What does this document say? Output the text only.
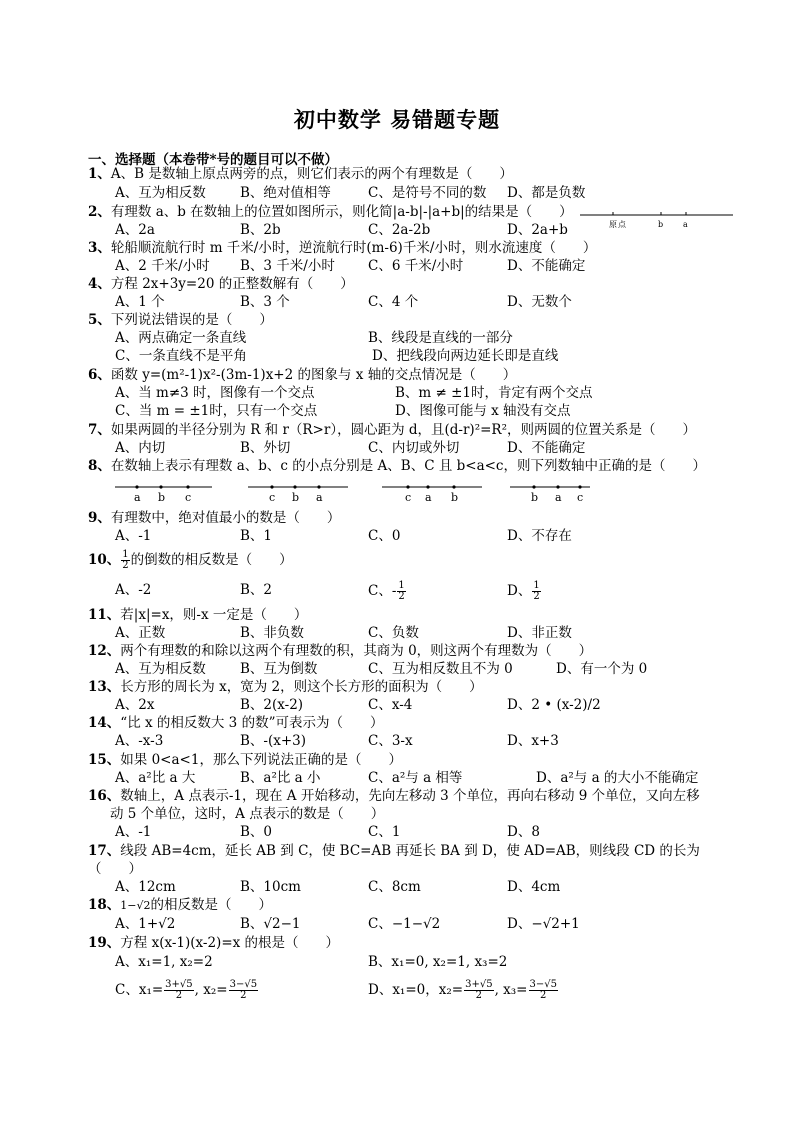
初中数学 易错题专题
一、选择题（本卷带*号的题目可以不做）
1、A、B 是数轴上原点两旁的点，则它们表示的两个有理数是（　　）
A、互为相反数	B、绝对值相等	C、是符号不同的数 D、都是负数
2、有理数 a、b 在数轴上的位置如图所示，则化简|a-b|-|a+b|的结果是（　　）
原 点	b a
A、2a	B、2b	C、2a-2b	D、2a+b
3、轮船顺流航行时 m 千米/小时，逆流航行时(m-6)千米/小时，则水流速度（　　）
A、2 千米/小时 B、3 千米/小时 C、6 千米/小时	D、不能确定
4、方程 2x+3y=20 的正整数解有（　　）
A、1 个	B、3 个	C、4 个	D、无数个
5、下列说法错误的是（　　）
A、两点确定一条直线	B、线段是直线的一部分
C、一条直线不是平角	D、把线段向两边延长即是直线
6、函数 y=(m²-1)x²-(3m-1)x+2 的图象与 x 轴的交点情况是（　　）
A、当 m≠3 时，图像有一个交点	B、m ≠ ±1时，肯定有两个交点
C、当 m = ±1时，只有一个交点	D、图像可能与 x 轴没有交点
7、如果两圆的半径分别为 R 和 r（R>r），圆心距为 d，且(d-r)²=R²，则两圆的位置关系是（　　）
A、内切	B、外切	C、内切或外切	D、不能确定
8、在数轴上表示有理数 a、b、c 的小点分别是 A、B、C 且 b<a<c，则下列数轴中正确的是（　　）
a b c	c b a	c a b	b a c
9、有理数中，绝对值最小的数是（　　）
A、-1	B、1	C、0	D、不存在
10、 $\frac{1}{2}$ 的倒数的相反数是（　　）
A、-2	B、2	C、- $\frac{1}{2}$	D、 $\frac{1}{2}$
11、若|x|=x，则-x 一定是（　　）
A、正数	B、非负数	C、负数	D、非正数
12、两个有理数的和除以这两个有理数的积，其商为 0，则这两个有理数为（　　）
A、互为相反数	B、互为倒数	C、互为相反数且不为 0	D、有一个为 0
13、长方形的周长为 x，宽为 2，则这个长方形的面积为（　　）
A、2x	B、2(x-2)	C、x-4	D、2 • (x-2)/2
14、“比 x 的相反数大 3 的数”可表示为（　　）
A、-x-3	B、-(x+3)	C、3-x	D、x+3
15、如果 0<a<1，那么下列说法正确的是（　　）
A、a²比 a 大	B、a²比 a 小	C、a²与 a 相等	D、a²与 a 的大小不能确定
16、数轴上，A 点表示-1，现在 A 开始移动，先向左移动 3 个单位，再向右移动 9 个单位，又向左移
动 5 个单位，这时，A 点表示的数是（　　）
A、-1	B、0	C、1	D、8
17、线段 AB=4cm，延长 AB 到 C，使 BC=AB 再延长 BA 到 D，使 AD=AB，则线段 CD 的长为
（　　）
A、12cm	B、10cm	C、8cm	D、4cm
18、1−√2的相反数是（　　）
A、1+√2	B、√2−1	C、−1−√2	D、−√2+1
19、方程 x(x-1)(x-2)=x 的根是（　　）
A、x₁=1, x₂=2	B、x₁=0, x₂=1, x₃=2
C、$x_1= \frac{3+√5}{2}$ , $x_2= \frac{3-√5}{2}$	D、x₁=0，$x_2= \frac{3+√5}{2}$ , $x_3= \frac{3-√5}{2}$
